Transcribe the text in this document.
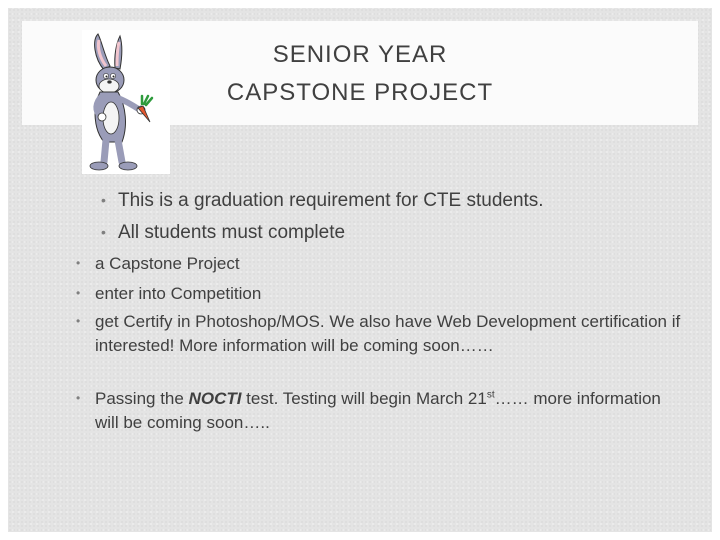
SENIOR YEAR
CAPSTONE PROJECT
• This is a graduation requirement for CTE students.
• All students must complete
• a Capstone Project
• enter into Competition
• get Certify in Photoshop/MOS. We also have Web Development certification if interested! More information will be coming soon……
• Passing the NOCTI test. Testing will begin March 21st…… more information will be coming soon…..
